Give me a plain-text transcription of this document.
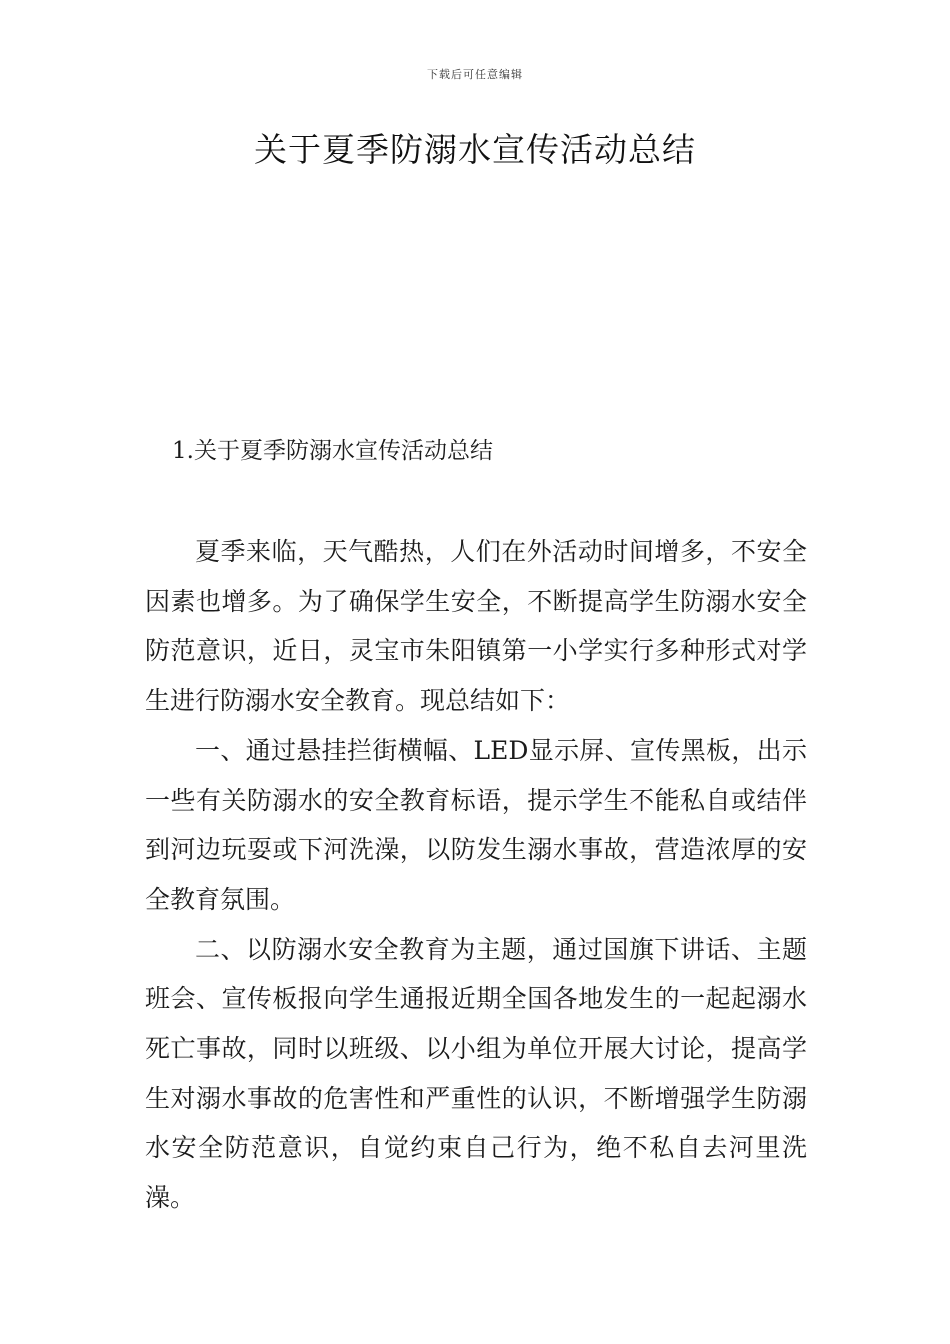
下载后可任意编辑
关于夏季防溺水宣传活动总结
1.关于夏季防溺水宣传活动总结

夏季来临，天气酷热，人们在外活动时间增多，不安全因素也增多。为了确保学生安全，不断提高学生防溺水安全防范意识，近日，灵宝市朱阳镇第一小学实行多种形式对学生进行防溺水安全教育。现总结如下：

一、通过悬挂拦街横幅、LED显示屏、宣传黑板，出示一些有关防溺水的安全教育标语，提示学生不能私自或结伴到河边玩耍或下河洗澡，以防发生溺水事故，营造浓厚的安全教育氛围。

二、以防溺水安全教育为主题，通过国旗下讲话、主题班会、宣传板报向学生通报近期全国各地发生的一起起溺水死亡事故，同时以班级、以小组为单位开展大讨论，提高学生对溺水事故的危害性和严重性的认识，不断增强学生防溺水安全防范意识，自觉约束自己行为，绝不私自去河里洗澡。
